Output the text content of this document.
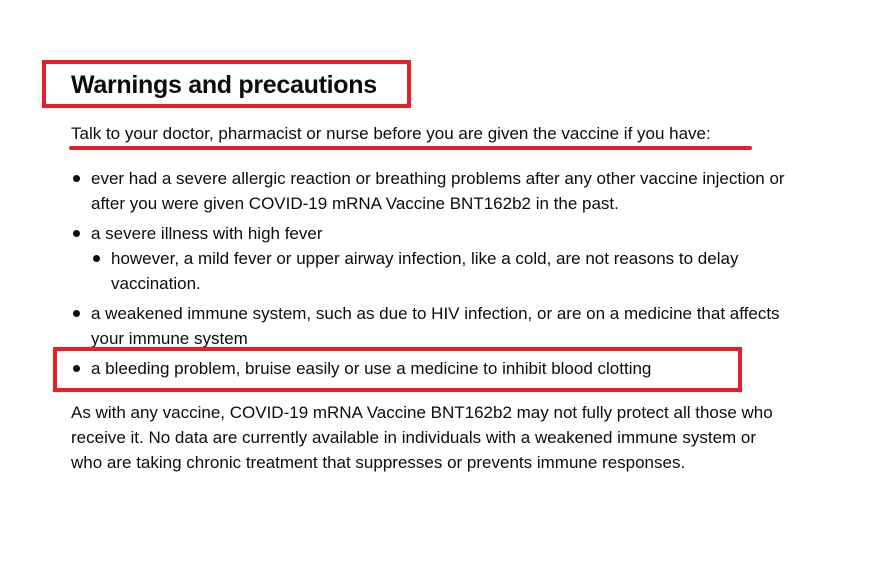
Warnings and precautions

Talk to your doctor, pharmacist or nurse before you are given the vaccine if you have:

ever had a severe allergic reaction or breathing problems after any other vaccine injection or after you were given COVID-19 mRNA Vaccine BNT162b2 in the past.
a severe illness with high fever
however, a mild fever or upper airway infection, like a cold, are not reasons to delay vaccination.
a weakened immune system, such as due to HIV infection, or are on a medicine that affects your immune system
a bleeding problem, bruise easily or use a medicine to inhibit blood clotting

As with any vaccine, COVID-19 mRNA Vaccine BNT162b2 may not fully protect all those who receive it. No data are currently available in individuals with a weakened immune system or who are taking chronic treatment that suppresses or prevents immune responses.
